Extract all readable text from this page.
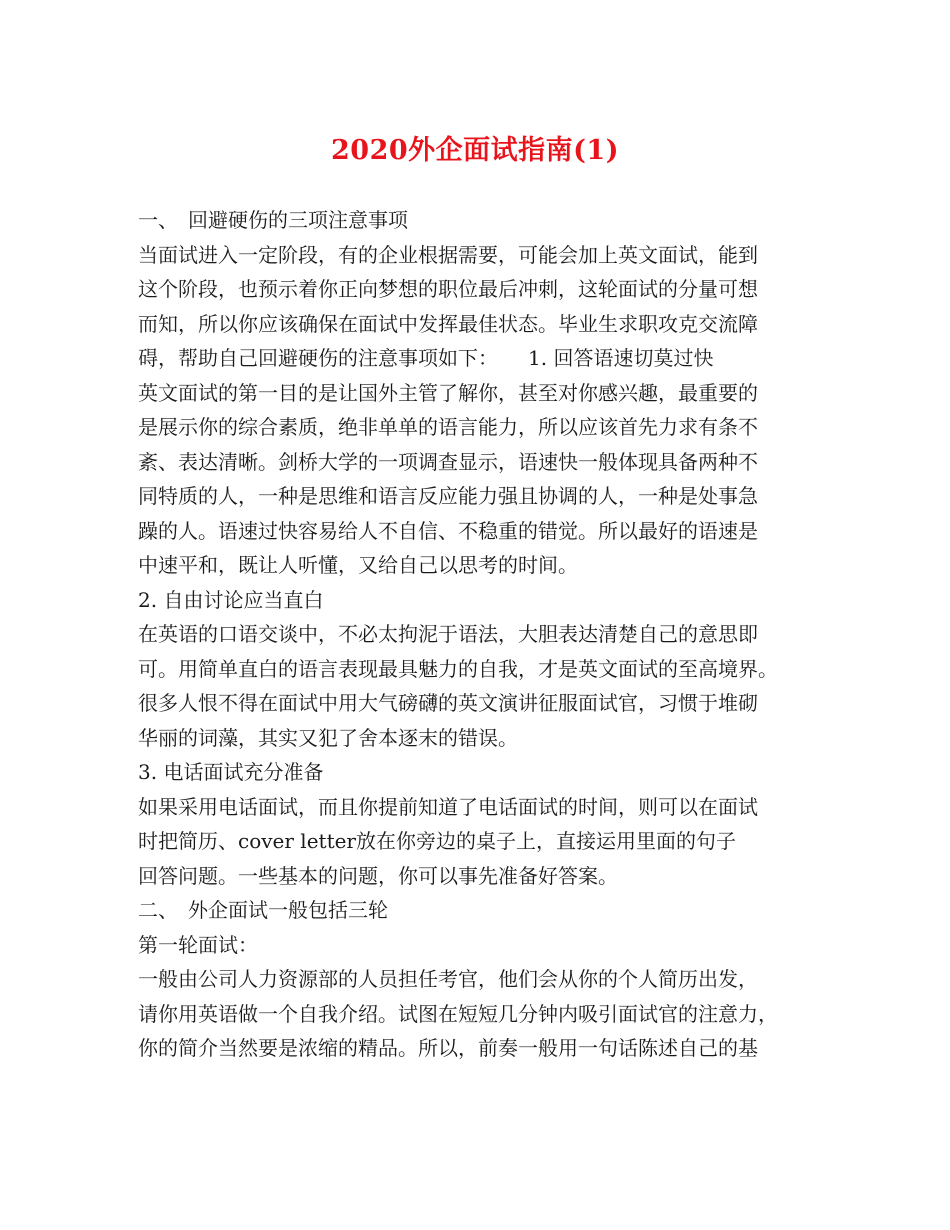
2020外企面试指南(1)
一、　回避硬伤的三项注意事项
当面试进入一定阶段，有的企业根据需要，可能会加上英文面试，能到
这个阶段，也预示着你正向梦想的职位最后冲刺，这轮面试的分量可想
而知，所以你应该确保在面试中发挥最佳状态。毕业生求职攻克交流障
碍，帮助自己回避硬伤的注意事项如下：　　1. 回答语速切莫过快
英文面试的第一目的是让国外主管了解你，甚至对你感兴趣，最重要的
是展示你的综合素质，绝非单单的语言能力，所以应该首先力求有条不
紊、表达清晰。剑桥大学的一项调查显示，语速快一般体现具备两种不
同特质的人，一种是思维和语言反应能力强且协调的人，一种是处事急
躁的人。语速过快容易给人不自信、不稳重的错觉。所以最好的语速是
中速平和，既让人听懂，又给自己以思考的时间。
2. 自由讨论应当直白
在英语的口语交谈中，不必太拘泥于语法，大胆表达清楚自己的意思即
可。用简单直白的语言表现最具魅力的自我，才是英文面试的至高境界。
很多人恨不得在面试中用大气磅礴的英文演讲征服面试官，习惯于堆砌
华丽的词藻，其实又犯了舍本逐末的错误。
3. 电话面试充分准备
如果采用电话面试，而且你提前知道了电话面试的时间，则可以在面试
时把简历、cover letter放在你旁边的桌子上，直接运用里面的句子
回答问题。一些基本的问题，你可以事先准备好答案。
二、　外企面试一般包括三轮
第一轮面试：
一般由公司人力资源部的人员担任考官，他们会从你的个人简历出发，
请你用英语做一个自我介绍。试图在短短几分钟内吸引面试官的注意力，
你的简介当然要是浓缩的精品。所以，前奏一般用一句话陈述自己的基
